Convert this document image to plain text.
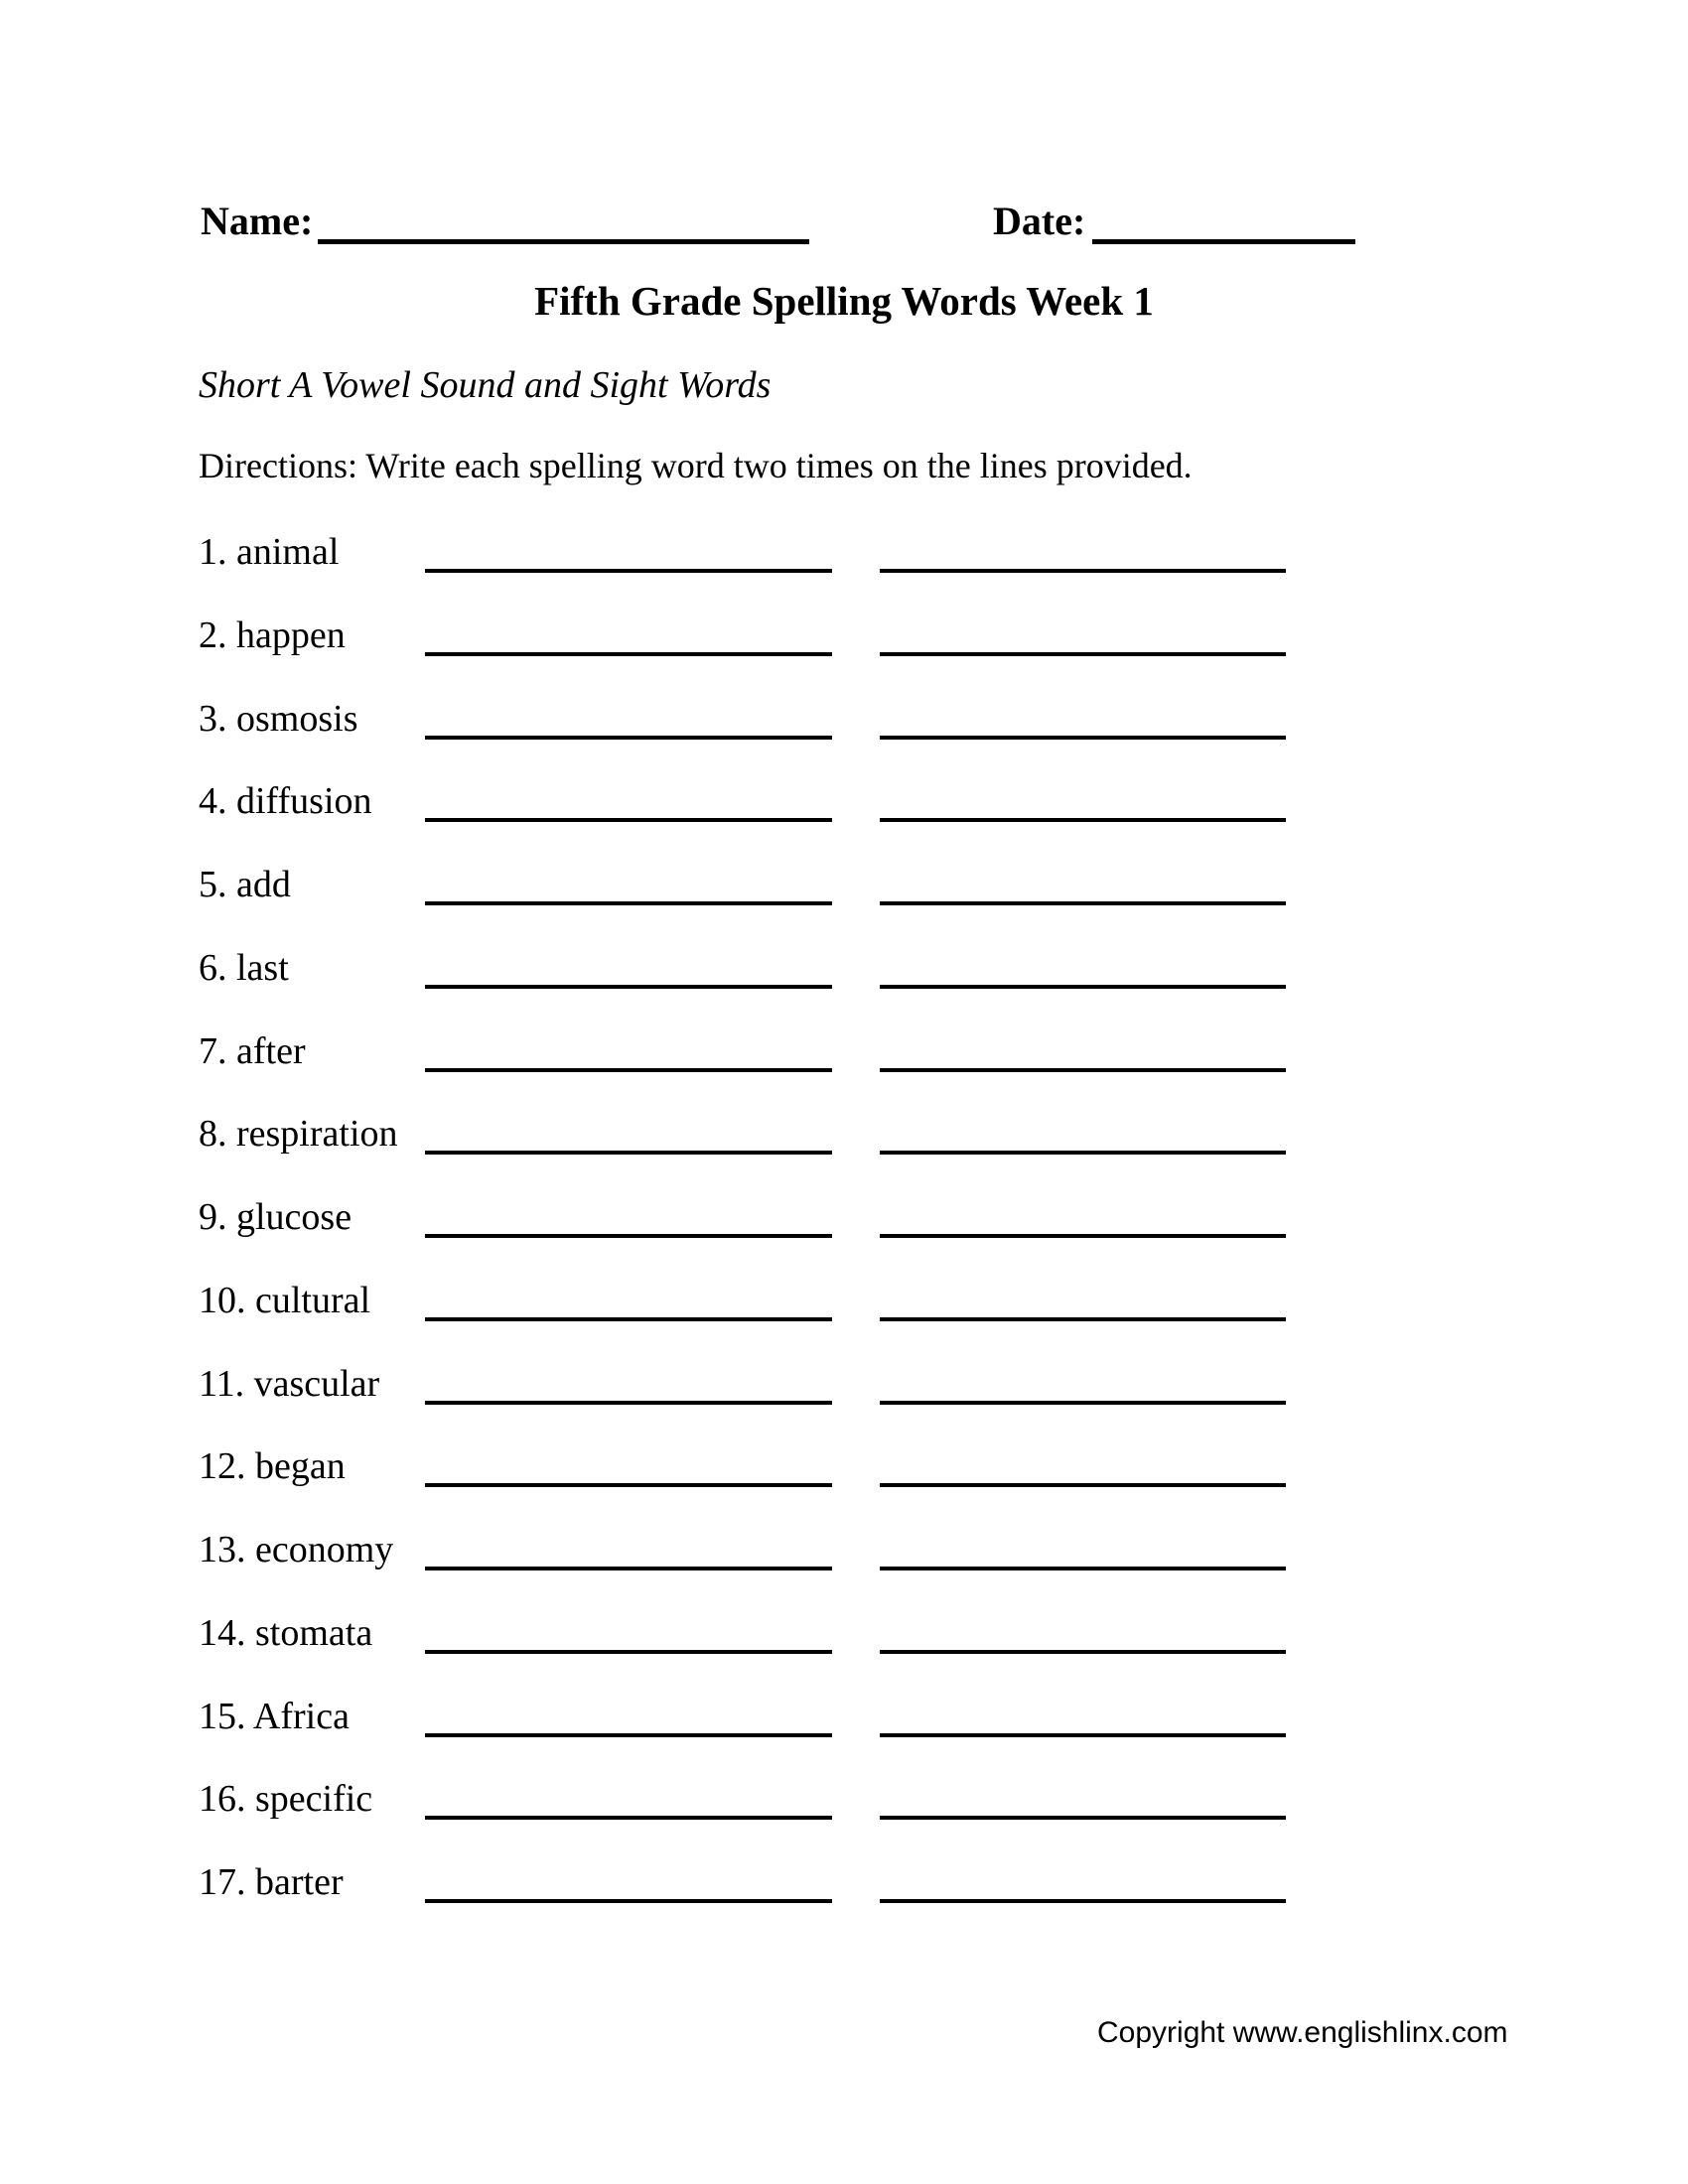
Name:	Date:
Fifth Grade Spelling Words Week 1
Short A Vowel Sound and Sight Words
Directions: Write each spelling word two times on the lines provided.
1. animal
2. happen
3. osmosis
4. diffusion
5. add
6. last
7. after
8. respiration
9. glucose
10. cultural
11. vascular
12. began
13. economy
14. stomata
15. Africa
16. specific
17. barter
Copyright www.englishlinx.com
